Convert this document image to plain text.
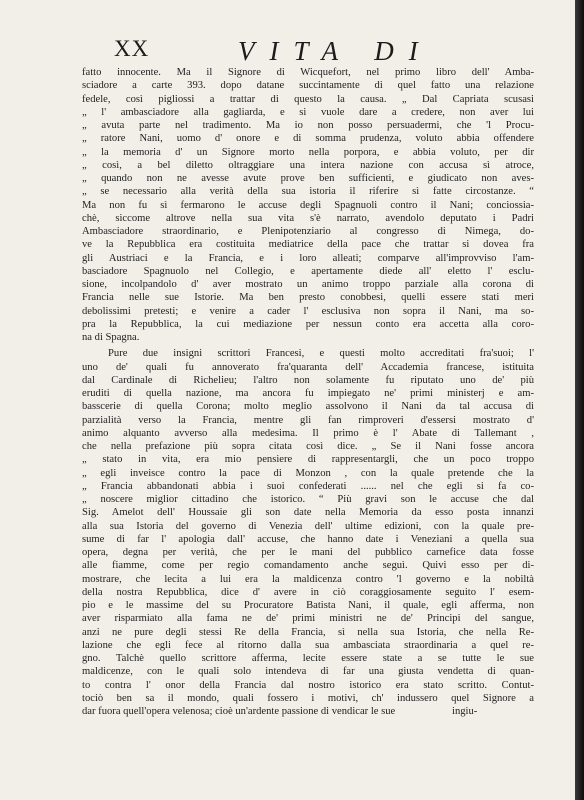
XX	VITA DI
fatto innocente. Ma il Signore di Wicquefort, nel primo libro dell' Amba-
sciadore a carte 393. dopo datane succintamente di quel fatto una relazione
fedele, così pigliossi a trattar di questo la causa. „ Dal Capriata scusasi
„ l' ambasciadore alla gagliarda, e si vuole dare a credere, non aver lui
„ avuta parte nel tradimento. Ma io non posso persuadermi, che 'l Procu-
„ ratore Nani, uomo d' onore e di somma prudenza, voluto abbia offendere
„ la memoria d' un Signore morto nella porpora, e abbia voluto, per dir
„ così, a bel diletto oltraggiare una intera nazione con accusa sì atroce,
„ quando non ne avesse avute prove ben sufficienti, e giudicato non aves-
„ se necessario alla verità della sua istoria il riferire sì fatte circostanze. “
Ma non fu sì fermarono le accuse degli Spagnuoli contro il Nani; conciossia-
chè, siccome altrove nella sua vita s'è narrato, avendolo deputato i Padri
Ambasciadore straordinario, e Plenipotenziario al congresso di Nimega, do-
ve la Repubblica era costituita mediatrice della pace che trattar si dovea fra
gli Austriaci e la Francia, e i loro alleati; comparve all'improvviso l'am-
basciadore Spagnuolo nel Collegio, e apertamente diede all' eletto l' esclu-
sione, incolpandolo d' aver mostrato un animo troppo parziale alla corona di
Francia nelle sue Istorie. Ma ben presto conobbesi, quelli essere stati meri
debolissimi pretesti; e venire a cader l' esclusiva non sopra il Nani, ma so-
pra la Repubblica, la cui mediazione per nessun conto era accetta alla coro-
na di Spagna.
Pure due insigni scrittori Francesi, e questi molto accreditati fra'suoi; l'
uno de' quali fu annoverato fra'quaranta dell' Accademia francese, istituita
dal Cardinale di Richelieu; l'altro non solamente fu riputato uno de' più
eruditi di quella nazione, ma ancora fu impiegato ne' primi ministerj e am-
basscerie di quella Corona; molto meglio assolvono il Nani da tal accusa di
parzialità verso la Francia, mentre gli fan rimproveri d'essersi mostrato d'
animo alquanto avverso alla medesima. Il primo è l' Abate di Tallemant ,
che nella prefazione più sopra citata così dice. „ Se il Nani fosse ancora
„ stato in vita, era mio pensiere di rappresentargli, che un poco troppo
„ egli inveisce contro la pace di Monzon , con la quale pretende che la
„ Francia abbandonati abbia i suoi confederati ...... nel che egli si fa co-
„ noscere miglior cittadino che istorico. “ Più gravi son le accuse che dal
Sig. Amelot dell' Houssaie gli son date nella Memoria da esso posta innanzi
alla sua Istoria del governo di Venezia dell' ultime edizioni, con la quale pre-
sume di far l' apologia dall' accuse, che hanno date i Veneziani a quella sua
opera, degna per verità, che per le mani del pubblico carnefice data fosse
alle fiamme, come per regio comandamento anche seguì. Quivi esso per di-
mostrare, che lecita a lui era la maldicenza contro 'l governo e la nobiltà
della nostra Repubblica, dice d' avere in ciò coraggiosamente seguito l' esem-
pio e le massime del su Procuratore Batista Nani, il quale, egli afferma, non
aver risparmiato alla fama ne de' primi ministri ne de' Principi del sangue,
anzi ne pure degli stessi Re della Francia, sì nella sua Istoria, che nella Re-
lazione che egli fece al ritorno dalla sua ambasciata straordinaria a quel re-
gno. Talchè quello scrittore afferma, lecite essere state a se tutte le sue
maldicenze, con le quali solo intendeva di far una giusta vendetta di quan-
to contra l' onor della Francia dal nostro istorico era stato scritto. Contut-
tociò ben sa il mondo, quali fossero i motivi, ch' indussero quel Signore a
dar fuora quell'opera velenosa; cioè un'ardente passione di vendicar le sue	ingiu-
